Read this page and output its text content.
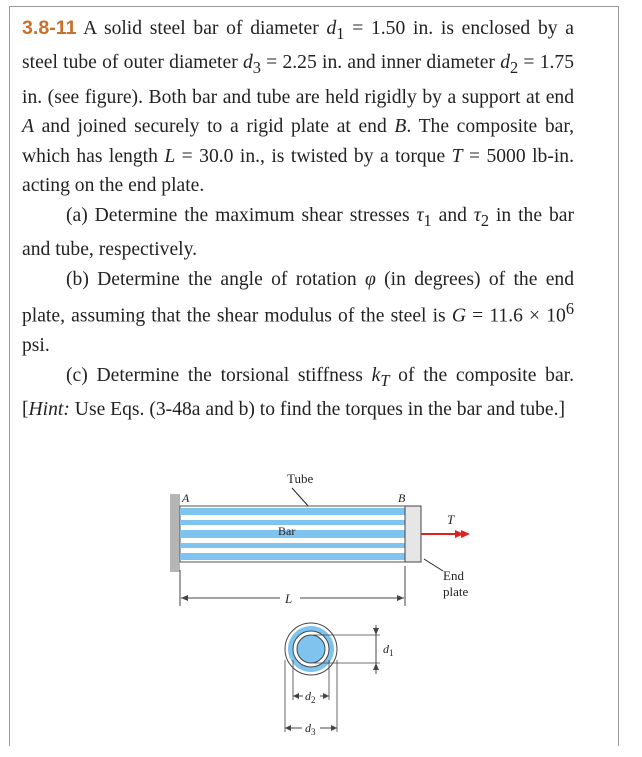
3.8-11 A solid steel bar of diameter $d_1 = 1.50$ in. is enclosed by a steel tube of outer diameter $d_3 = 2.25$ in. and inner diameter $d_2 = 1.75$ in. (see figure). Both bar and tube are held rigidly by a support at end A and joined securely to a rigid plate at end B. The composite bar, which has length L = 30.0 in., is twisted by a torque T = 5000 lb-in. acting on the end plate.

(a) Determine the maximum shear stresses $\tau_1$ and $\tau_2$ in the bar and tube, respectively.

(b) Determine the angle of rotation φ (in degrees) of the end plate, assuming that the shear modulus of the steel is $G = 11.6 \times 10^6$ psi.

(c) Determine the torsional stiffness $k_T$ of the composite bar. [Hint: Use Eqs. (3-48a and b) to find the torques in the bar and tube.]

Tube
A
Bar
B
T
End
plate
L
$d_1$
$d_2$
$d_3$
